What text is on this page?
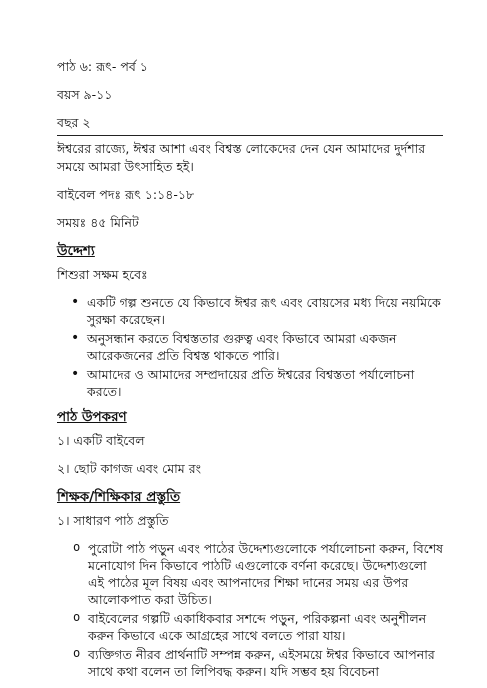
পাঠ ৬: রূৎ- পর্ব ১

বয়স ৯-১১

বছর ২

ঈশ্বরের রাজ্যে, ঈশ্বর আশা এবং বিশ্বস্ত লোকেদের দেন যেন আমাদের দুর্দশার সময়ে আমরা উৎসাহিত হই।

বাইবেল পদঃ রূৎ ১:১৪-১৮

সময়ঃ ৪৫ মিনিট

উদ্দেশ্য

শিশুরা সক্ষম হবেঃ

• একটি গল্প শুনতে যে কিভাবে ঈশ্বর রূৎ এবং বোয়সের মধ্য দিয়ে নয়মিকে সুরক্ষা করেছেন।
• অনুসন্ধান করতে বিশ্বস্ততার গুরুত্ব এবং কিভাবে আমরা একজন আরেকজনের প্রতি বিশ্বস্ত থাকতে পারি।
• আমাদের ও আমাদের সম্প্রদায়ের প্রতি ঈশ্বরের বিশ্বস্ততা পর্যালোচনা করতে।
পাঠ উপকরণ

১। একটি বাইবেল

২। ছোট কাগজ এবং মোম রং

শিক্ষক/শিক্ষিকার প্রস্তুতি

১। সাধারণ পাঠ প্রস্তুতি

o পুরোটা পাঠ পড়ুন এবং পাঠের উদ্দেশ্যগুলোকে পর্যালোচনা করুন, বিশেষ মনোযোগ দিন কিভাবে পাঠটি এগুলোকে বর্ণনা করেছে। উদ্দেশ্যগুলো এই পাঠের মূল বিষয় এবং আপনাদের শিক্ষা দানের সময় এর উপর আলোকপাত করা উচিত।
o বাইবেলের গল্পটি একাধিকবার সশব্দে পড়ুন, পরিকল্পনা এবং অনুশীলন করুন কিভাবে একে আগ্রহের সাথে বলতে পারা যায়।
o ব্যক্তিগত নীরব প্রার্থনাটি সম্পন্ন করুন, এইসময়ে ঈশ্বর কিভাবে আপনার সাথে কথা বলেন তা লিপিবদ্ধ করুন। যদি সম্ভব হয় বিবেচনা
